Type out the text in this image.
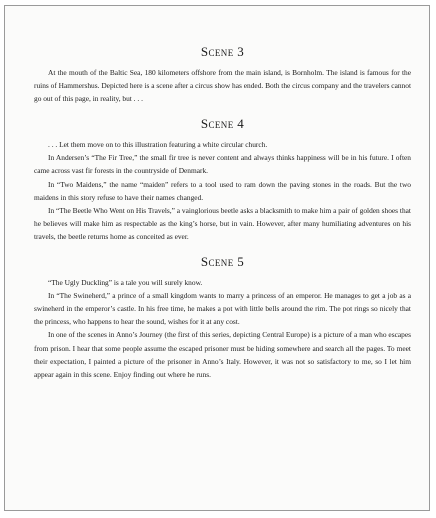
Scene 3

At the mouth of the Baltic Sea, 180 kilometers offshore from the main island, is Bornholm. The island is famous for the ruins of Hammershus. Depicted here is a scene after a circus show has ended. Both the circus company and the travelers cannot go out of this page, in reality, but . . .

Scene 4

. . . Let them move on to this illustration featuring a white circular church.

In Andersen’s “The Fir Tree,” the small fir tree is never content and always thinks happiness will be in his future. I often came across vast fir forests in the countryside of Denmark.

In “Two Maidens,” the name “maiden” refers to a tool used to ram down the paving stones in the roads. But the two maidens in this story refuse to have their names changed.

In “The Beetle Who Went on His Travels,” a vainglorious beetle asks a blacksmith to make him a pair of golden shoes that he believes will make him as respectable as the king’s horse, but in vain. However, after many humiliating adventures on his travels, the beetle returns home as conceited as ever.

Scene 5

“The Ugly Duckling” is a tale you will surely know.

In “The Swineherd,” a prince of a small kingdom wants to marry a princess of an emperor. He manages to get a job as a swineherd in the emperor’s castle. In his free time, he makes a pot with little bells around the rim. The pot rings so nicely that the princess, who happens to hear the sound, wishes for it at any cost.

In one of the scenes in Anno’s Journey (the first of this series, depicting Central Europe) is a picture of a man who escapes from prison. I hear that some people assume the escaped prisoner must be hiding somewhere and search all the pages. To meet their expectation, I painted a picture of the prisoner in Anno’s Italy. However, it was not so satisfactory to me, so I let him appear again in this scene. Enjoy finding out where he runs.
